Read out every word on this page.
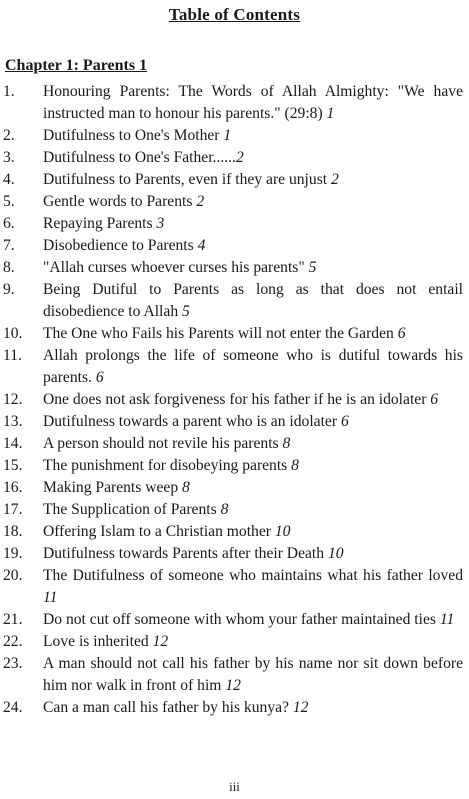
Table of Contents
Chapter 1: Parents 1
1.	Honouring Parents: The Words of Allah Almighty: "We have instructed man to honour his parents." (29:8) 1
2.	Dutifulness to One's Mother 1
3.	Dutifulness to One's Father......2
4.	Dutifulness to Parents, even if they are unjust 2
5.	Gentle words to Parents 2
6.	Repaying Parents 3
7.	Disobedience to Parents 4
8.	"Allah curses whoever curses his parents" 5
9.	Being Dutiful to Parents as long as that does not entail disobedience to Allah 5
10.	The One who Fails his Parents will not enter the Garden 6
11.	Allah prolongs the life of someone who is dutiful towards his parents. 6
12.	One does not ask forgiveness for his father if he is an idolater 6
13.	Dutifulness towards a parent who is an idolater 6
14.	A person should not revile his parents 8
15.	The punishment for disobeying parents 8
16.	Making Parents weep 8
17.	The Supplication of Parents 8
18.	Offering Islam to a Christian mother 10
19.	Dutifulness towards Parents after their Death 10
20.	The Dutifulness of someone who maintains what his father loved 11
21.	Do not cut off someone with whom your father maintained ties 11
22.	Love is inherited 12
23.	A man should not call his father by his name nor sit down before him nor walk in front of him 12
24.	Can a man call his father by his kunya? 12
iii
